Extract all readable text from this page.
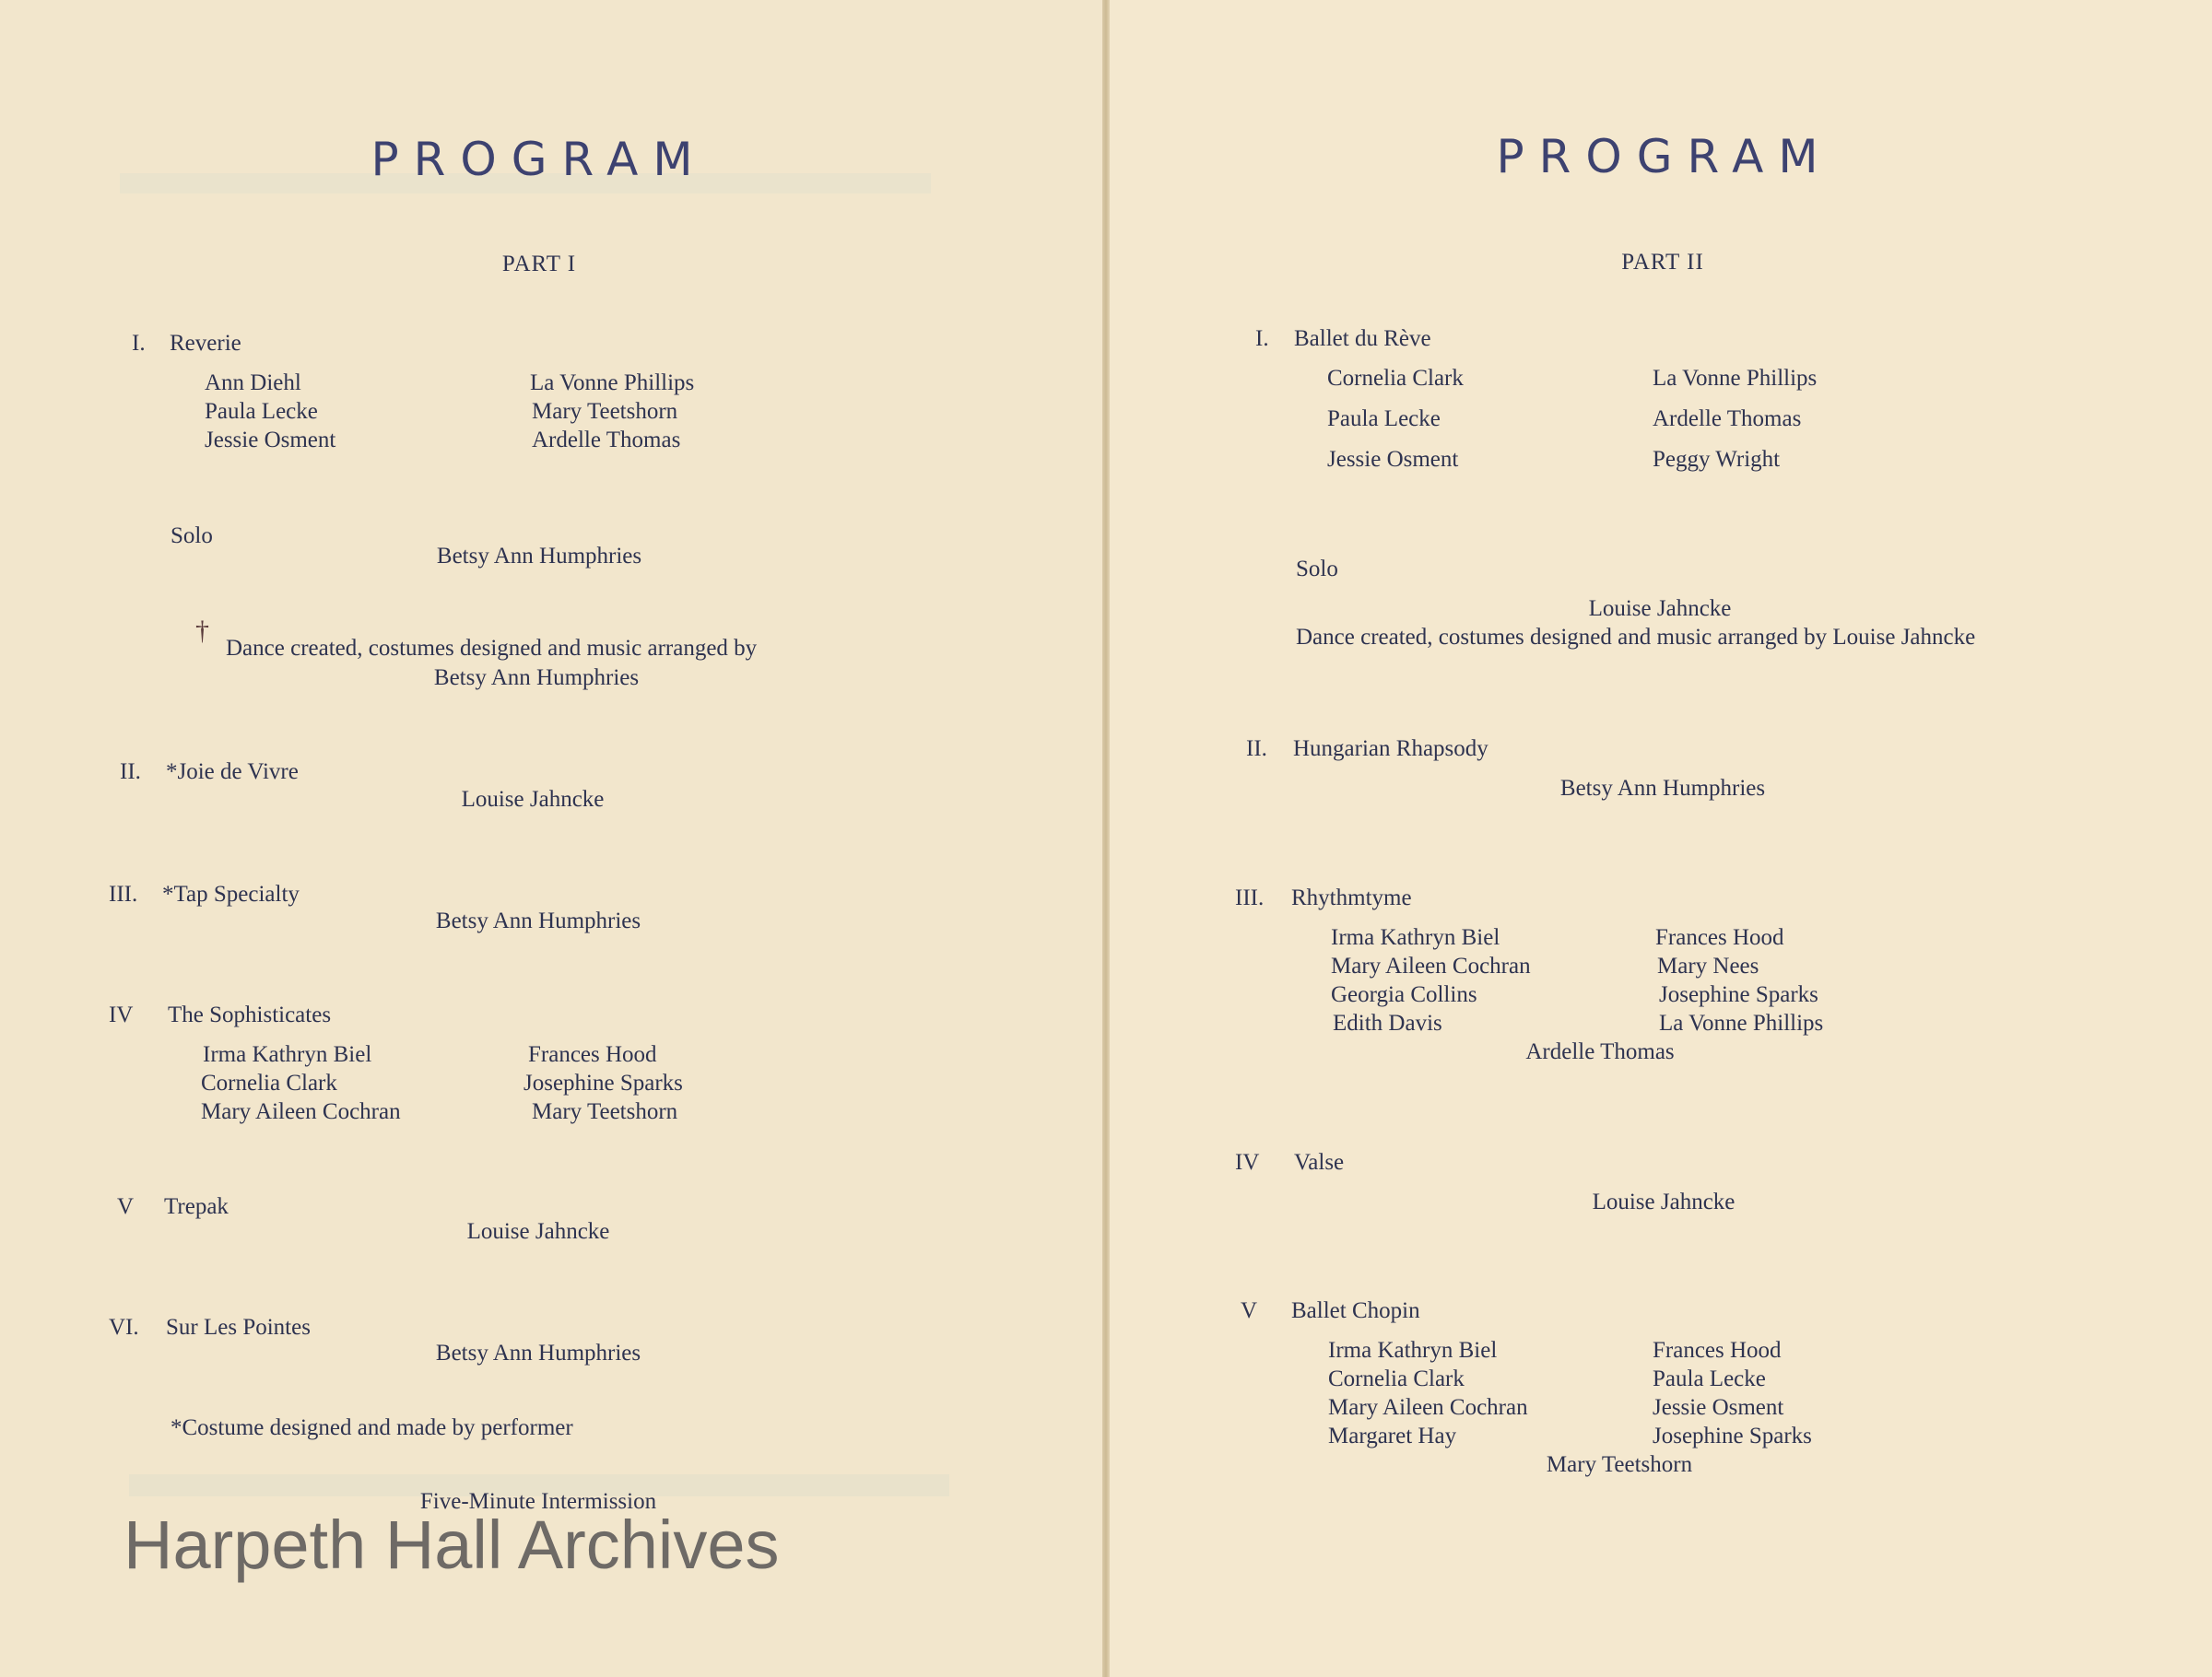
PROGRAM
PART I
I. Reverie
Ann Diehl
Paula Lecke
Jessie Osment
La Vonne Phillips
Mary Teetshorn
Ardelle Thomas
Solo
Betsy Ann Humphries
†
Dance created, costumes designed and music arranged by
Betsy Ann Humphries
II. *Joie de Vivre
Louise Jahncke
III. *Tap Specialty
Betsy Ann Humphries
IV The Sophisticates
Irma Kathryn Biel
Cornelia Clark
Mary Aileen Cochran
Frances Hood
Josephine Sparks
Mary Teetshorn
V Trepak
Louise Jahncke
VI. Sur Les Pointes
Betsy Ann Humphries
*Costume designed and made by performer
Five-Minute Intermission
Harpeth Hall Archives
PROGRAM
PART II
I. Ballet du Rève
Cornelia Clark
Paula Lecke
Jessie Osment
La Vonne Phillips
Ardelle Thomas
Peggy Wright
Solo
Louise Jahncke
Dance created, costumes designed and music arranged by Louise Jahncke
II. Hungarian Rhapsody
Betsy Ann Humphries
III. Rhythmtyme
Irma Kathryn Biel
Mary Aileen Cochran
Georgia Collins
Edith Davis
Frances Hood
Mary Nees
Josephine Sparks
La Vonne Phillips
Ardelle Thomas
IV Valse
Louise Jahncke
V Ballet Chopin
Irma Kathryn Biel
Cornelia Clark
Mary Aileen Cochran
Margaret Hay
Frances Hood
Paula Lecke
Jessie Osment
Josephine Sparks
Mary Teetshorn
